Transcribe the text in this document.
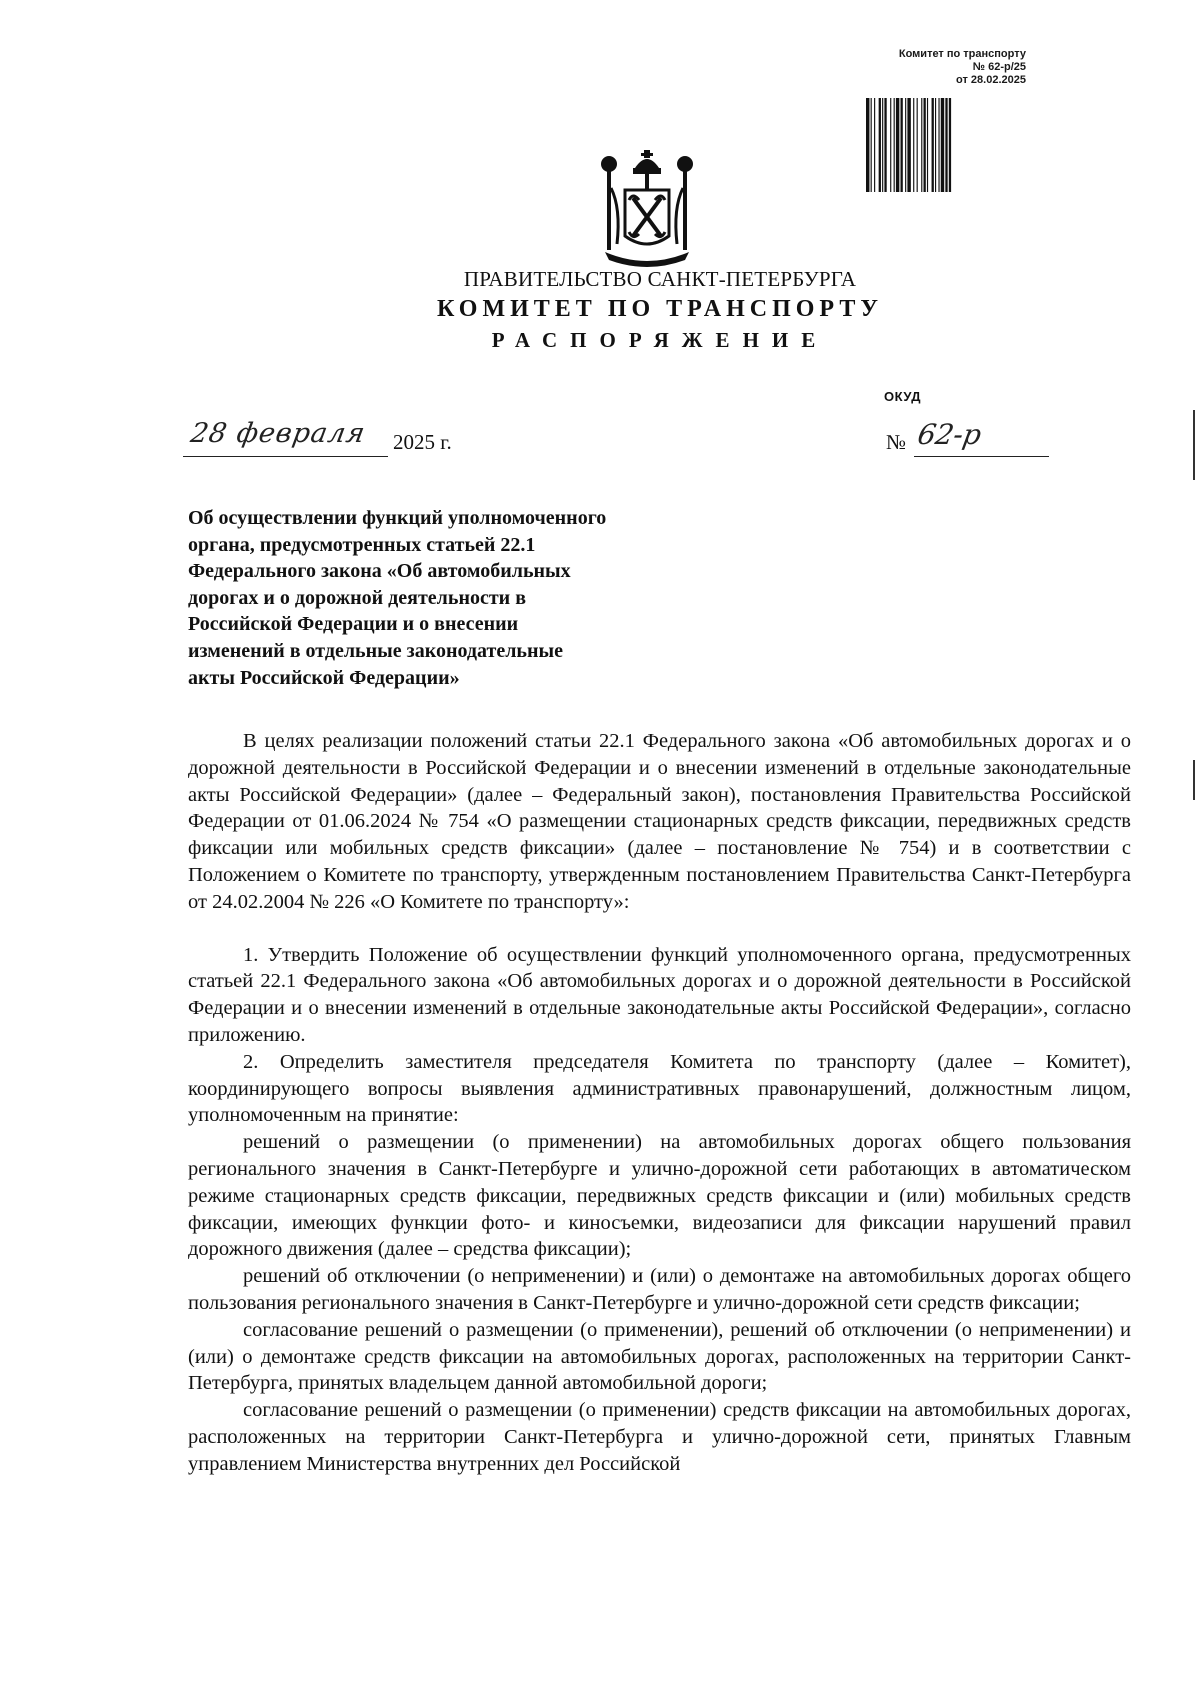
Комитет по транспорту
№ 62-р/25
от 28.02.2025
ПРАВИТЕЛЬСТВО САНКТ-ПЕТЕРБУРГА
КОМИТЕТ ПО ТРАНСПОРТУ
РАСПОРЯЖЕНИЕ
ОКУД
28 февраля 2025 г.	№ 62-р
Об осуществлении функций уполномоченного
органа, предусмотренных статьей 22.1
Федерального закона «Об автомобильных
дорогах и о дорожной деятельности в
Российской Федерации и о внесении
изменений в отдельные законодательные
акты Российской Федерации»

В целях реализации положений статьи 22.1 Федерального закона «Об автомобильных дорогах и о дорожной деятельности в Российской Федерации и о внесении изменений в отдельные законодательные акты Российской Федерации» (далее – Федеральный закон), постановления Правительства Российской Федерации от 01.06.2024 № 754 «О размещении стационарных средств фиксации, передвижных средств фиксации или мобильных средств фиксации» (далее – постановление № 754) и в соответствии с Положением о Комитете по транспорту, утвержденным постановлением Правительства Санкт-Петербурга от 24.02.2004 № 226 «О Комитете по транспорту»:

1. Утвердить Положение об осуществлении функций уполномоченного органа, предусмотренных статьей 22.1 Федерального закона «Об автомобильных дорогах и о дорожной деятельности в Российской Федерации и о внесении изменений в отдельные законодательные акты Российской Федерации», согласно приложению.

2. Определить заместителя председателя Комитета по транспорту (далее – Комитет), координирующего вопросы выявления административных правонарушений, должностным лицом, уполномоченным на принятие:

решений о размещении (о применении) на автомобильных дорогах общего пользования регионального значения в Санкт-Петербурге и улично-дорожной сети работающих в автоматическом режиме стационарных средств фиксации, передвижных средств фиксации и (или) мобильных средств фиксации, имеющих функции фото- и киносъемки, видеозаписи для фиксации нарушений правил дорожного движения (далее – средства фиксации);

решений об отключении (о неприменении) и (или) о демонтаже на автомобильных дорогах общего пользования регионального значения в Санкт-Петербурге и улично-дорожной сети средств фиксации;

согласование решений о размещении (о применении), решений об отключении (о неприменении) и (или) о демонтаже средств фиксации на автомобильных дорогах, расположенных на территории Санкт-Петербурга, принятых владельцем данной автомобильной дороги;

согласование решений о размещении (о применении) средств фиксации на автомобильных дорогах, расположенных на территории Санкт-Петербурга и улично-дорожной сети, принятых Главным управлением Министерства внутренних дел Российской
